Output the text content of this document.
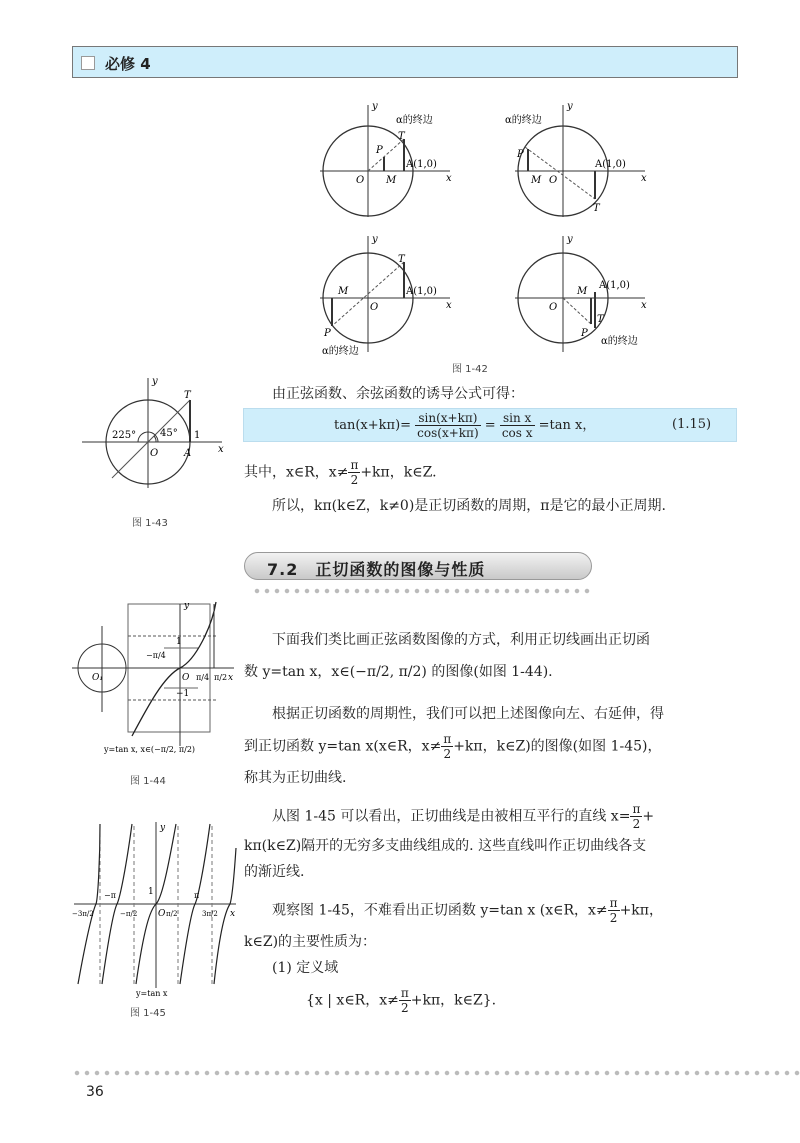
必修 4
y
x
O M
P
T
A(1,0)
α的终边
y
x
O
M
P
T
A(1,0)
α的终边
y
x
O
M
P
T
A(1,0)
α的终边
y
x
O
M
P
T
A(1,0)
α的终边
图 1-42
y
x
O
T
A
1
225° 45°
图 1-43
由正弦函数、余弦函数的诱导公式可得：
$\tan(x+k\pi)= \frac{\sin(x+k\pi)}{\cos(x+k\pi)} = \frac{\text{sin x}}{\text{cos x}} =\tan$ x，	(1.15)
其中，x∈R，$x\ne \frac{\pi}{2} +k\pi$，k∈Z.
所以，kπ(k∈Z，k≠0)是正切函数的周期，π是它的最小正周期.
7.2　正切函数的图像与性质
y
x
O₁	O
1
−1
−π/4
π/4 π/2
y=tan x, x∈(−π/2, π/2)
图 1-44
y
x
O
1
−π	π
−3π/2	−π/2	π/2	3π/2
y=tan x
图 1-45
下面我们类比画正弦函数图像的方式，利用正切线画出正切函
数 y=tan x，x∈(−π/2, π/2) 的图像(如图 1-44).
根据正切函数的周期性，我们可以把上述图像向左、右延伸，得
到正切函数 y=tan x(x∈R，$x\ne \frac{\pi}{2} +k\pi$，k∈Z)的图像(如图 1-45)，
称其为正切曲线.
从图 1-45 可以看出，正切曲线是由被相互平行的直线 $x= \frac{\pi}{2}$ +
kπ(k∈Z)隔开的无穷多支曲线组成的. 这些直线叫作正切曲线各支
的渐近线.
观察图 1-45，不难看出正切函数 y=tan x (x∈R，$x\ne \frac{\pi}{2} +k\pi$，
k∈Z)的主要性质为：
(1) 定义域
{x | x∈R，$x\ne \frac{\pi}{2} +k\pi$，k∈Z}.
36
